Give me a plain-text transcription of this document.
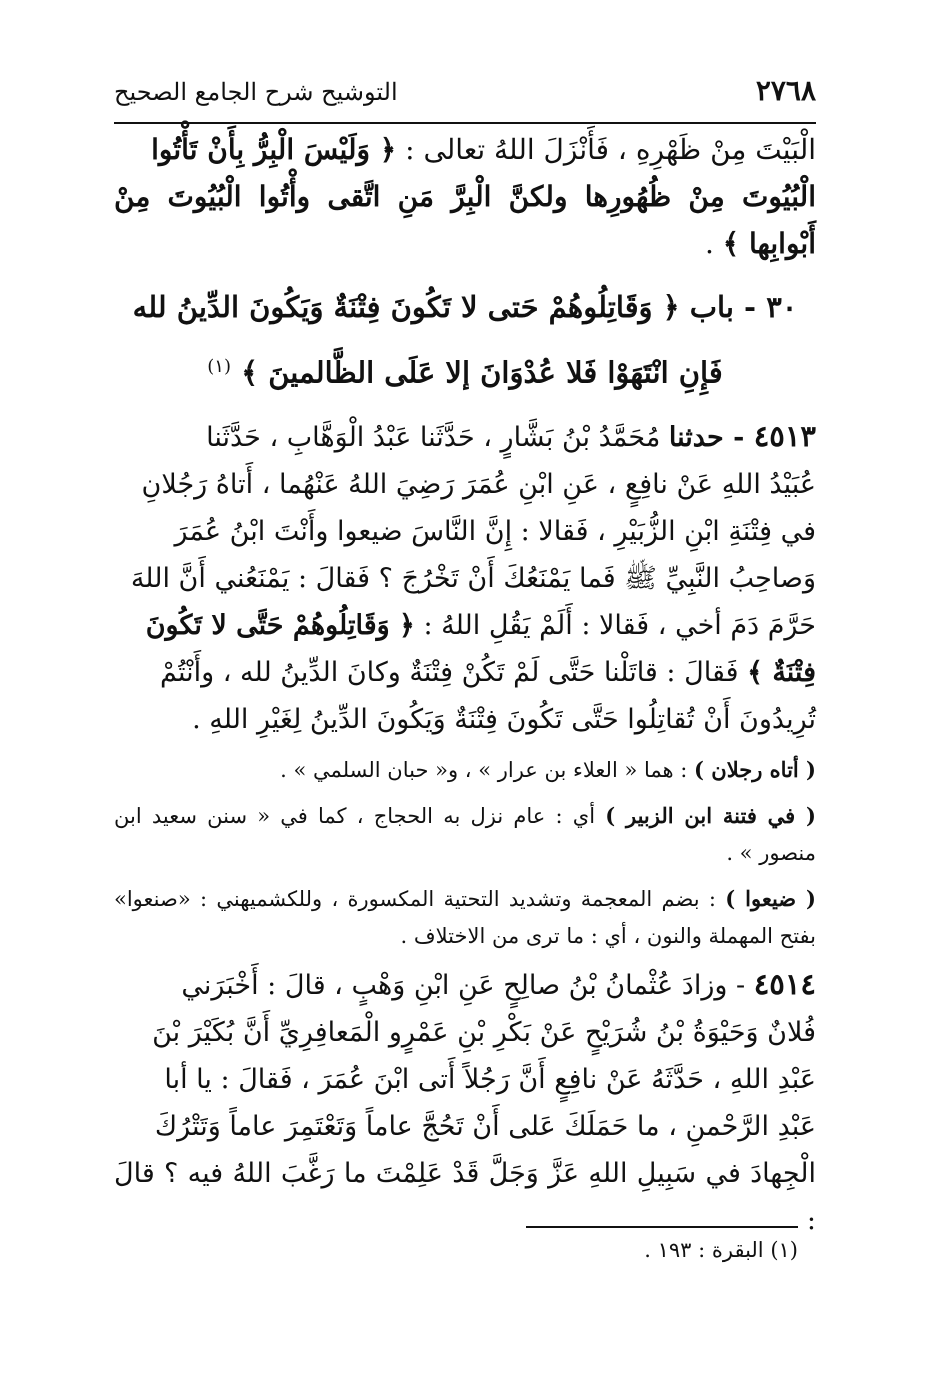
٢٧٦٨
التوشيح شرح الجامع الصحيح

الْبَيْتَ مِنْ ظَهْرِهِ ، فَأَنْزَلَ اللهُ تعالى : ﴿ وَلَيْسَ الْبِرُّ بِأَنْ تَأْتُوا
الْبُيُوتَ مِنْ ظُهُورِها ولكنَّ الْبِرَّ مَنِ اتَّقى وأْتُوا الْبُيُوتَ مِنْ أَبْوابِها ﴾ .

٣٠ - باب ﴿ وَقَاتِلُوهُمْ حَتى لا تَكُونَ فِتْنَةٌ وَيَكُونَ الدِّينُ لله
فَإِنِ انْتَهَوْا فَلا عُدْوَانَ إلا عَلَى الظَّالمينَ ﴾ $^{(١)}$

٤٥١٣ - حدثنا مُحَمَّدُ بْنُ بَشَّارٍ ، حَدَّثَنا عَبْدُ الْوَهَّابِ ، حَدَّثَنا
عُبَيْدُ اللهِ عَنْ نافِعٍ ، عَنِ ابْنِ عُمَرَ رَضِيَ اللهُ عَنْهُما ، أَتاهُ رَجُلانِ
في فِتْنَةِ ابْنِ الزُّبَيْرِ ، فَقالا : إِنَّ النَّاسَ ضيعوا وأَنْتَ ابْنُ عُمَرَ
وَصاحِبُ النَّبِيِّ ﷺ فَما يَمْنَعُكَ أَنْ تَخْرُجَ ؟ فَقالَ : يَمْنَعُني أَنَّ اللهَ
حَرَّمَ دَمَ أخي ، فَقالا : أَلَمْ يَقُلِ اللهُ : ﴿ وَقَاتِلُوهُمْ حَتَّى لا تَكُونَ
فِتْنَةٌ ﴾ فَقالَ : قاتَلْنا حَتَّى لَمْ تَكُنْ فِتْنَةٌ وكانَ الدِّينُ لله ، وأَنْتُمْ
تُرِيدُونَ أَنْ تُقاتِلُوا حَتَّى تَكُونَ فِتْنَةٌ وَيَكُونَ الدِّينُ لِغَيْرِ اللهِ .

( أتاه رجلان ) : هما « العلاء بن عرار » ، و« حبان السلمي » .

( في فتنة ابن الزبير ) أي : عام نزل به الحجاج ، كما في « سنن سعيد ابن منصور » .

( ضيعوا ) : بضم المعجمة وتشديد التحتية المكسورة ، وللكشميهني : «صنعوا» بفتح المهملة والنون ، أي : ما ترى من الاختلاف .

٤٥١٤ - وزادَ عُثْمانُ بْنُ صالِحٍ عَنِ ابْنِ وَهْبٍ ، قالَ : أَخْبَرَني
فُلانٌ وَحَيْوَةُ بْنُ شُرَيْحٍ عَنْ بَكْرِ بْنِ عَمْرٍو الْمَعافِرِيِّ أَنَّ بُكَيْرَ بْنَ
عَبْدِ اللهِ ، حَدَّثَهُ عَنْ نافِعٍ أَنَّ رَجُلاً أَتى ابْنَ عُمَرَ ، فَقالَ : يا أبا
عَبْدِ الرَّحْمنِ ، ما حَمَلَكَ عَلى أَنْ تَحُجَّ عاماً وَتَعْتَمِرَ عاماً وَتَتْرُكَ
الْجِهادَ في سَبِيلِ اللهِ عَزَّ وَجَلَّ قَدْ عَلِمْتَ ما رَغَّبَ اللهُ فيه ؟ قالَ :

(١) البقرة : ١٩٣ .
